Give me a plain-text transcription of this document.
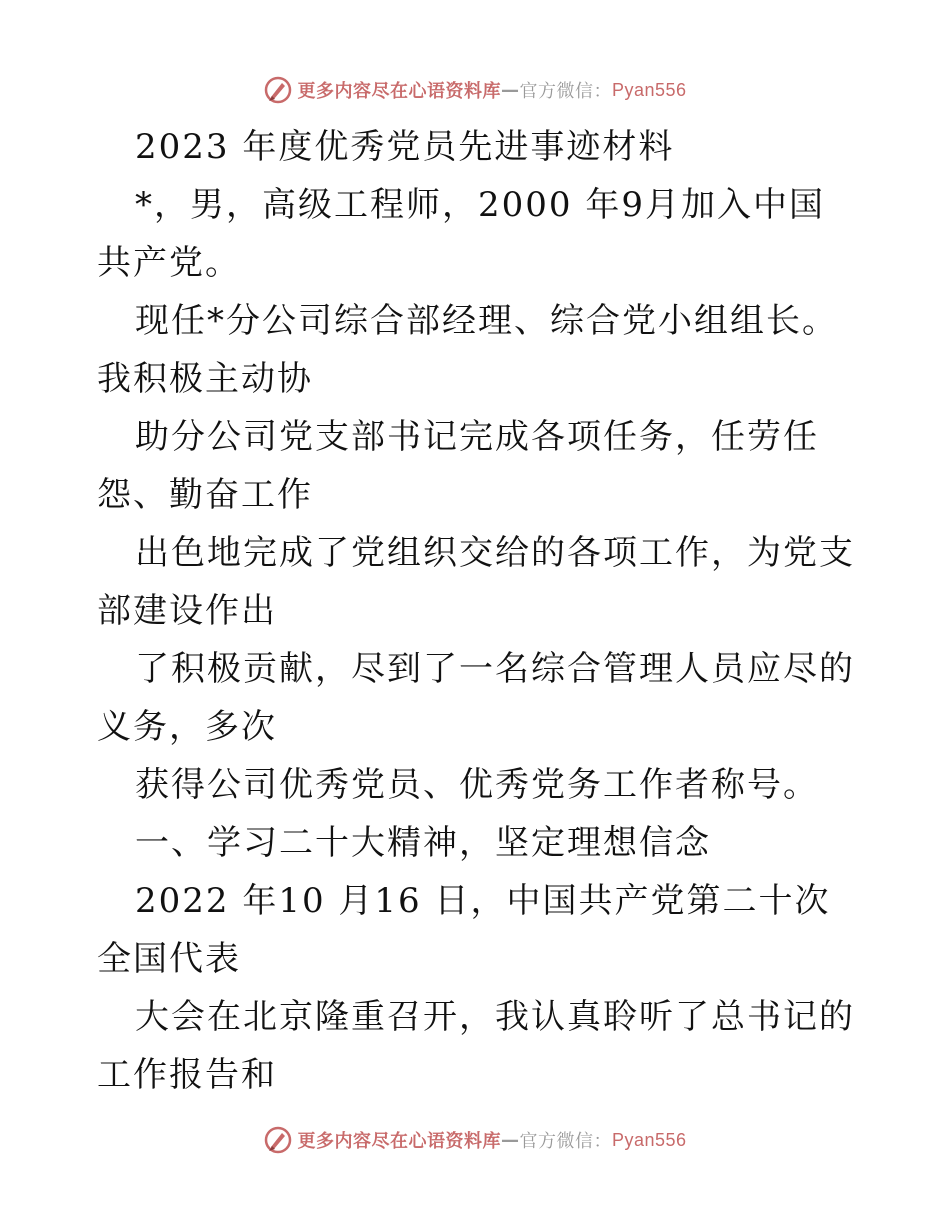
更多内容尽在心语资料库 — 官方微信： Pyan556

2023 年度优秀党员先进事迹材料

*，男，高级工程师，2000 年9月加入中国共产党。

现任*分公司综合部经理、综合党小组组长。我积极主动协

助分公司党支部书记完成各项任务，任劳任怨、勤奋工作

出色地完成了党组织交给的各项工作，为党支部建设作出

了积极贡献，尽到了一名综合管理人员应尽的义务，多次

获得公司优秀党员、优秀党务工作者称号。

一、学习二十大精神，坚定理想信念

2022 年10 月16 日，中国共产党第二十次全国代表

大会在北京隆重召开，我认真聆听了总书记的工作报告和

更多内容尽在心语资料库 — 官方微信： Pyan556
